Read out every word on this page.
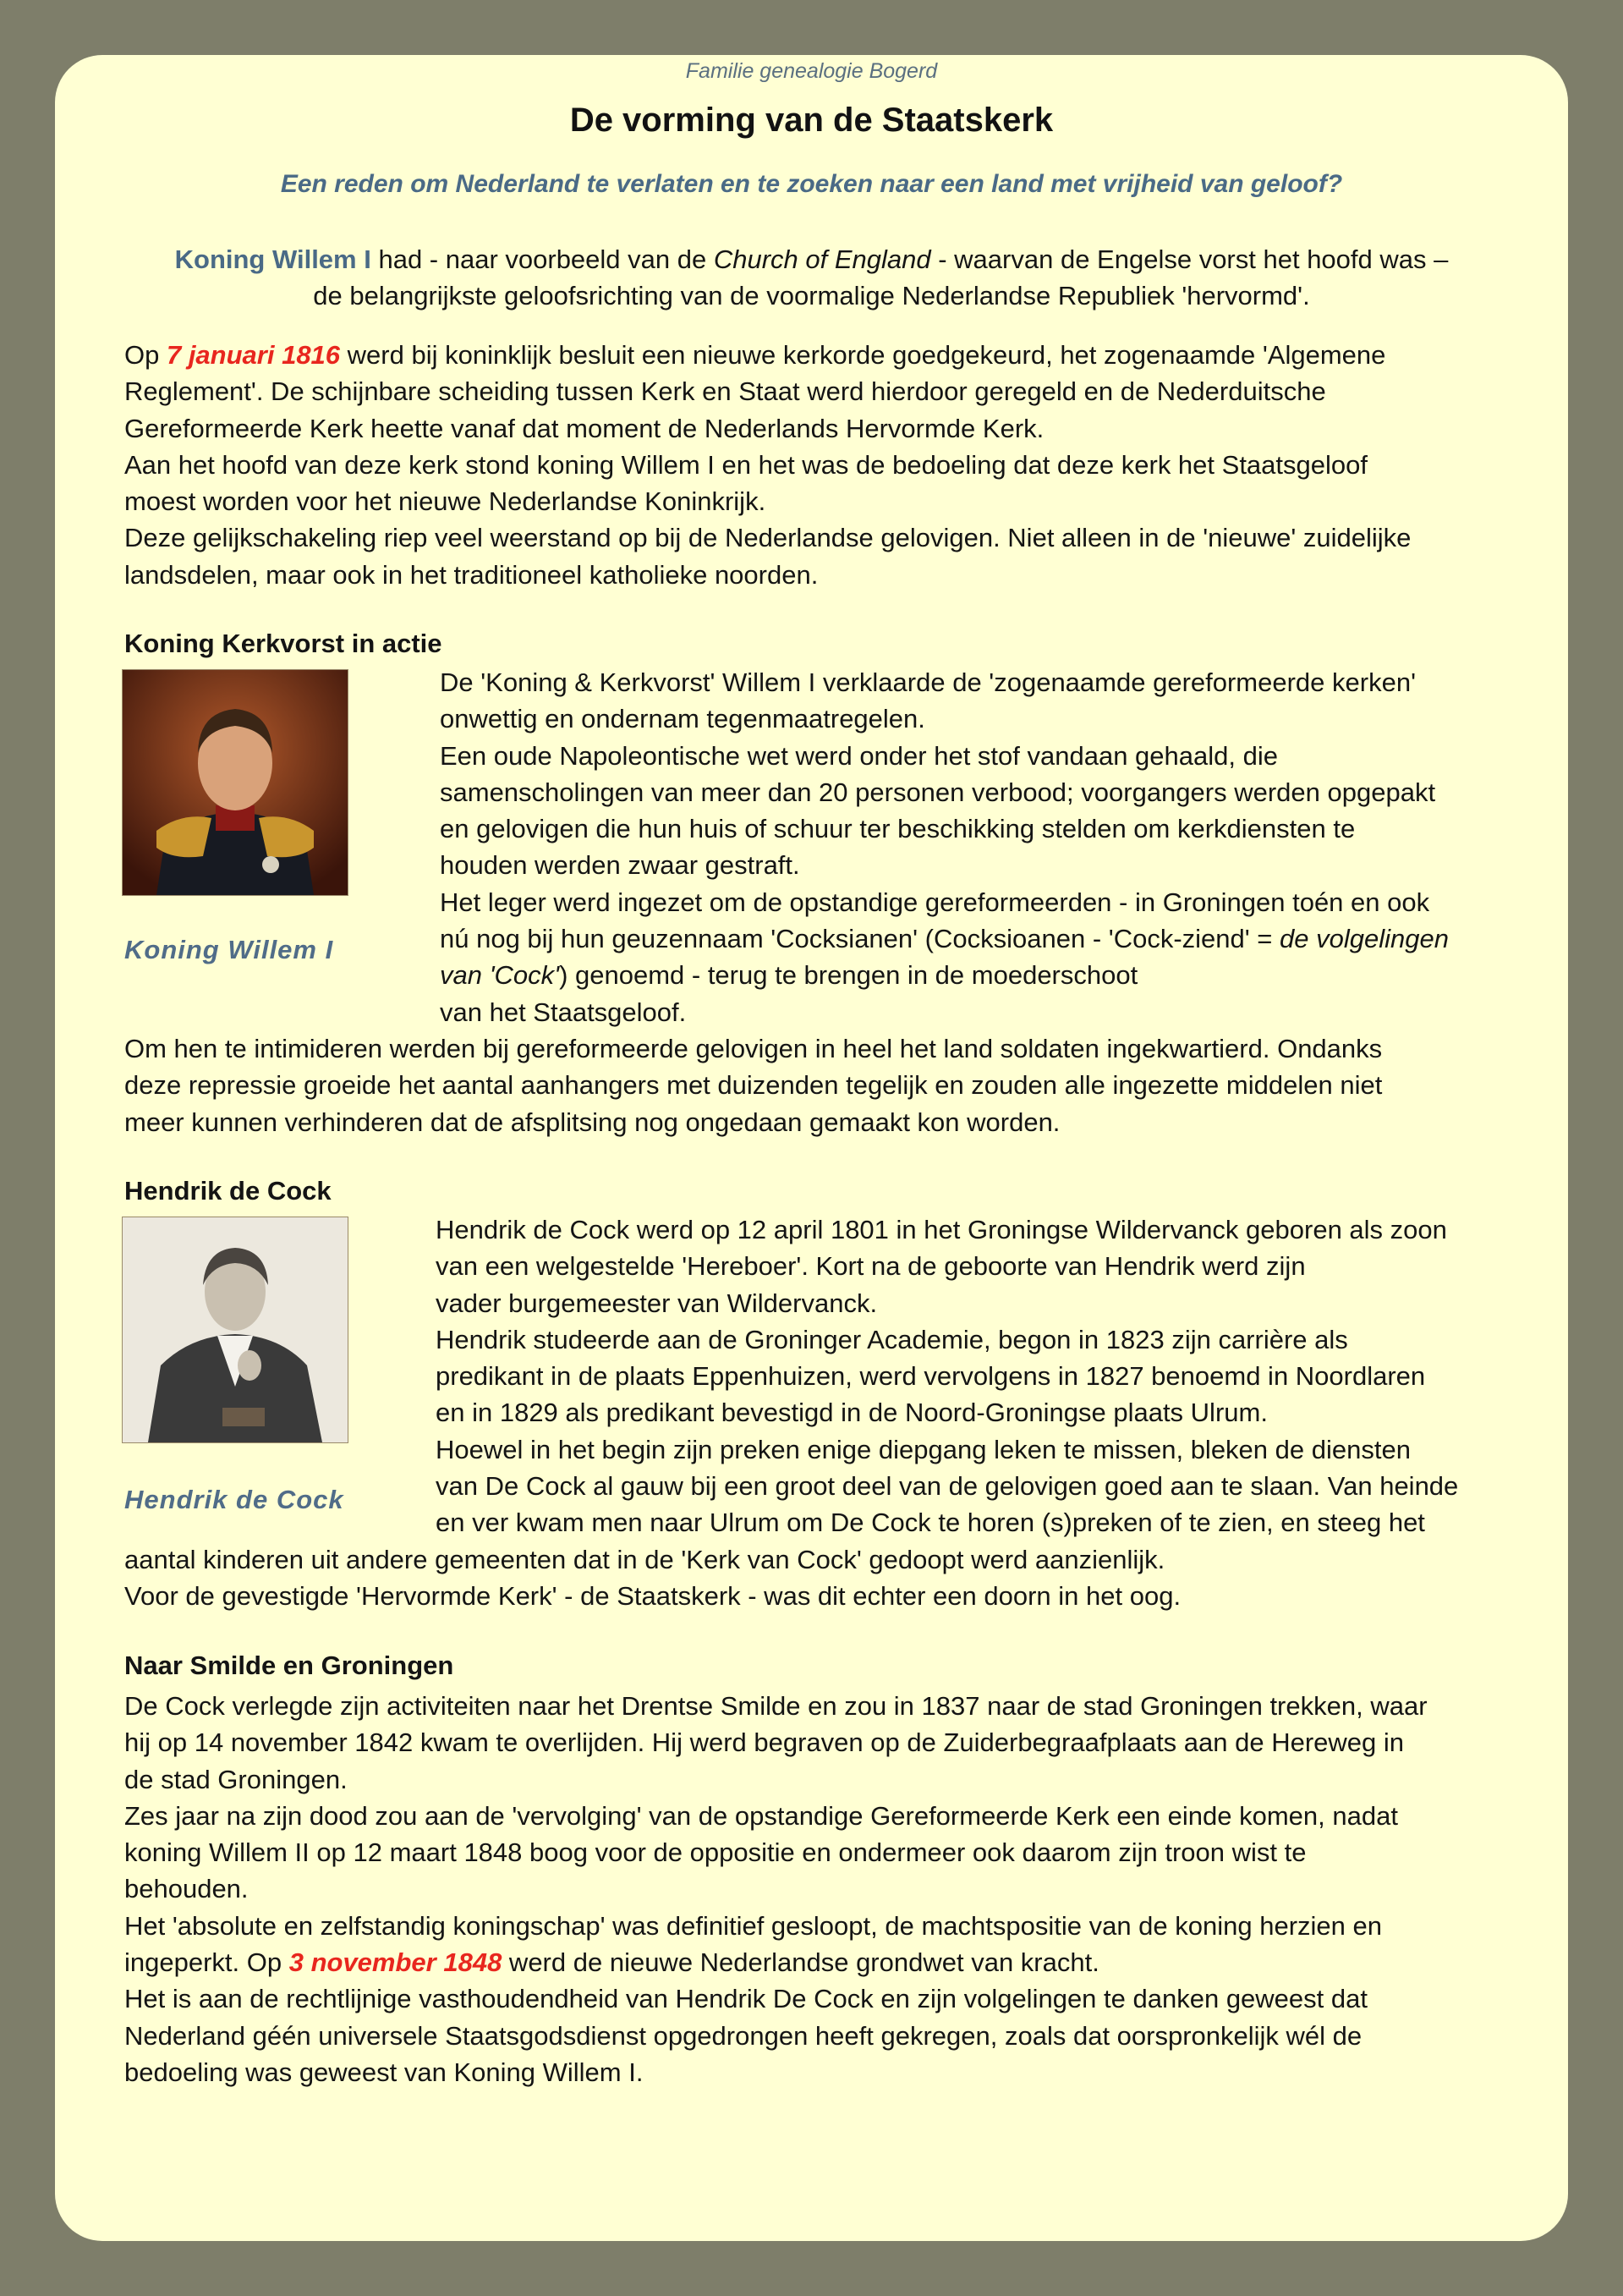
Familie genealogie Bogerd
De vorming van de Staatskerk
Een reden om Nederland te verlaten en te zoeken naar een land met vrijheid van geloof?
Koning Willem I had - naar voorbeeld van de Church of England - waarvan de Engelse vorst het hoofd was –
de belangrijkste geloofsrichting van de voormalige Nederlandse Republiek 'hervormd'.
Op 7 januari 1816 werd bij koninklijk besluit een nieuwe kerkorde goedgekeurd, het zogenaamde 'Algemene
Reglement'. De schijnbare scheiding tussen Kerk en Staat werd hierdoor geregeld en de Nederduitsche
Gereformeerde Kerk heette vanaf dat moment de Nederlands Hervormde Kerk.
Aan het hoofd van deze kerk stond koning Willem I en het was de bedoeling dat deze kerk het Staatsgeloof
moest worden voor het nieuwe Nederlandse Koninkrijk.
Deze gelijkschakeling riep veel weerstand op bij de Nederlandse gelovigen. Niet alleen in de 'nieuwe' zuidelijke
landsdelen, maar ook in het traditioneel katholieke noorden.
Koning Kerkvorst in actie
Koning Willem I
De 'Koning & Kerkvorst' Willem I verklaarde de 'zogenaamde gereformeerde kerken'
onwettig en ondernam tegenmaatregelen.
Een oude Napoleontische wet werd onder het stof vandaan gehaald, die
samenscholingen van meer dan 20 personen verbood; voorgangers werden opgepakt
en gelovigen die hun huis of schuur ter beschikking stelden om kerkdiensten te
houden werden zwaar gestraft.
Het leger werd ingezet om de opstandige gereformeerden - in Groningen toén en ook
nú nog bij hun geuzennaam 'Cocksianen' (Cocksioanen - 'Cock-ziend' = de volgelingen
van 'Cock') genoemd - terug te brengen in de moederschoot
van het Staatsgeloof.
Om hen te intimideren werden bij gereformeerde gelovigen in heel het land soldaten ingekwartierd. Ondanks
deze repressie groeide het aantal aanhangers met duizenden tegelijk en zouden alle ingezette middelen niet
meer kunnen verhinderen dat de afsplitsing nog ongedaan gemaakt kon worden.
Hendrik de Cock
Hendrik de Cock
Hendrik de Cock werd op 12 april 1801 in het Groningse Wildervanck geboren als zoon
van een welgestelde 'Hereboer'. Kort na de geboorte van Hendrik werd zijn
vader burgemeester van Wildervanck.
Hendrik studeerde aan de Groninger Academie, begon in 1823 zijn carrière als
predikant in de plaats Eppenhuizen, werd vervolgens in 1827 benoemd in Noordlaren
en in 1829 als predikant bevestigd in de Noord-Groningse plaats Ulrum.
Hoewel in het begin zijn preken enige diepgang leken te missen, bleken de diensten
van De Cock al gauw bij een groot deel van de gelovigen goed aan te slaan. Van heinde
en ver kwam men naar Ulrum om De Cock te horen (s)preken of te zien, en steeg het
aantal kinderen uit andere gemeenten dat in de 'Kerk van Cock' gedoopt werd aanzienlijk.
Voor de gevestigde 'Hervormde Kerk' - de Staatskerk - was dit echter een doorn in het oog.
Naar Smilde en Groningen
De Cock verlegde zijn activiteiten naar het Drentse Smilde en zou in 1837 naar de stad Groningen trekken, waar
hij op 14 november 1842 kwam te overlijden. Hij werd begraven op de Zuiderbegraafplaats aan de Hereweg in
de stad Groningen.
Zes jaar na zijn dood zou aan de 'vervolging' van de opstandige Gereformeerde Kerk een einde komen, nadat
koning Willem II op 12 maart 1848 boog voor de oppositie en ondermeer ook daarom zijn troon wist te
behouden.
Het 'absolute en zelfstandig koningschap' was definitief gesloopt, de machtspositie van de koning herzien en
ingeperkt. Op 3 november 1848 werd de nieuwe Nederlandse grondwet van kracht.
Het is aan de rechtlijnige vasthoudendheid van Hendrik De Cock en zijn volgelingen te danken geweest dat
Nederland géén universele Staatsgodsdienst opgedrongen heeft gekregen, zoals dat oorspronkelijk wél de
bedoeling was geweest van Koning Willem I.
